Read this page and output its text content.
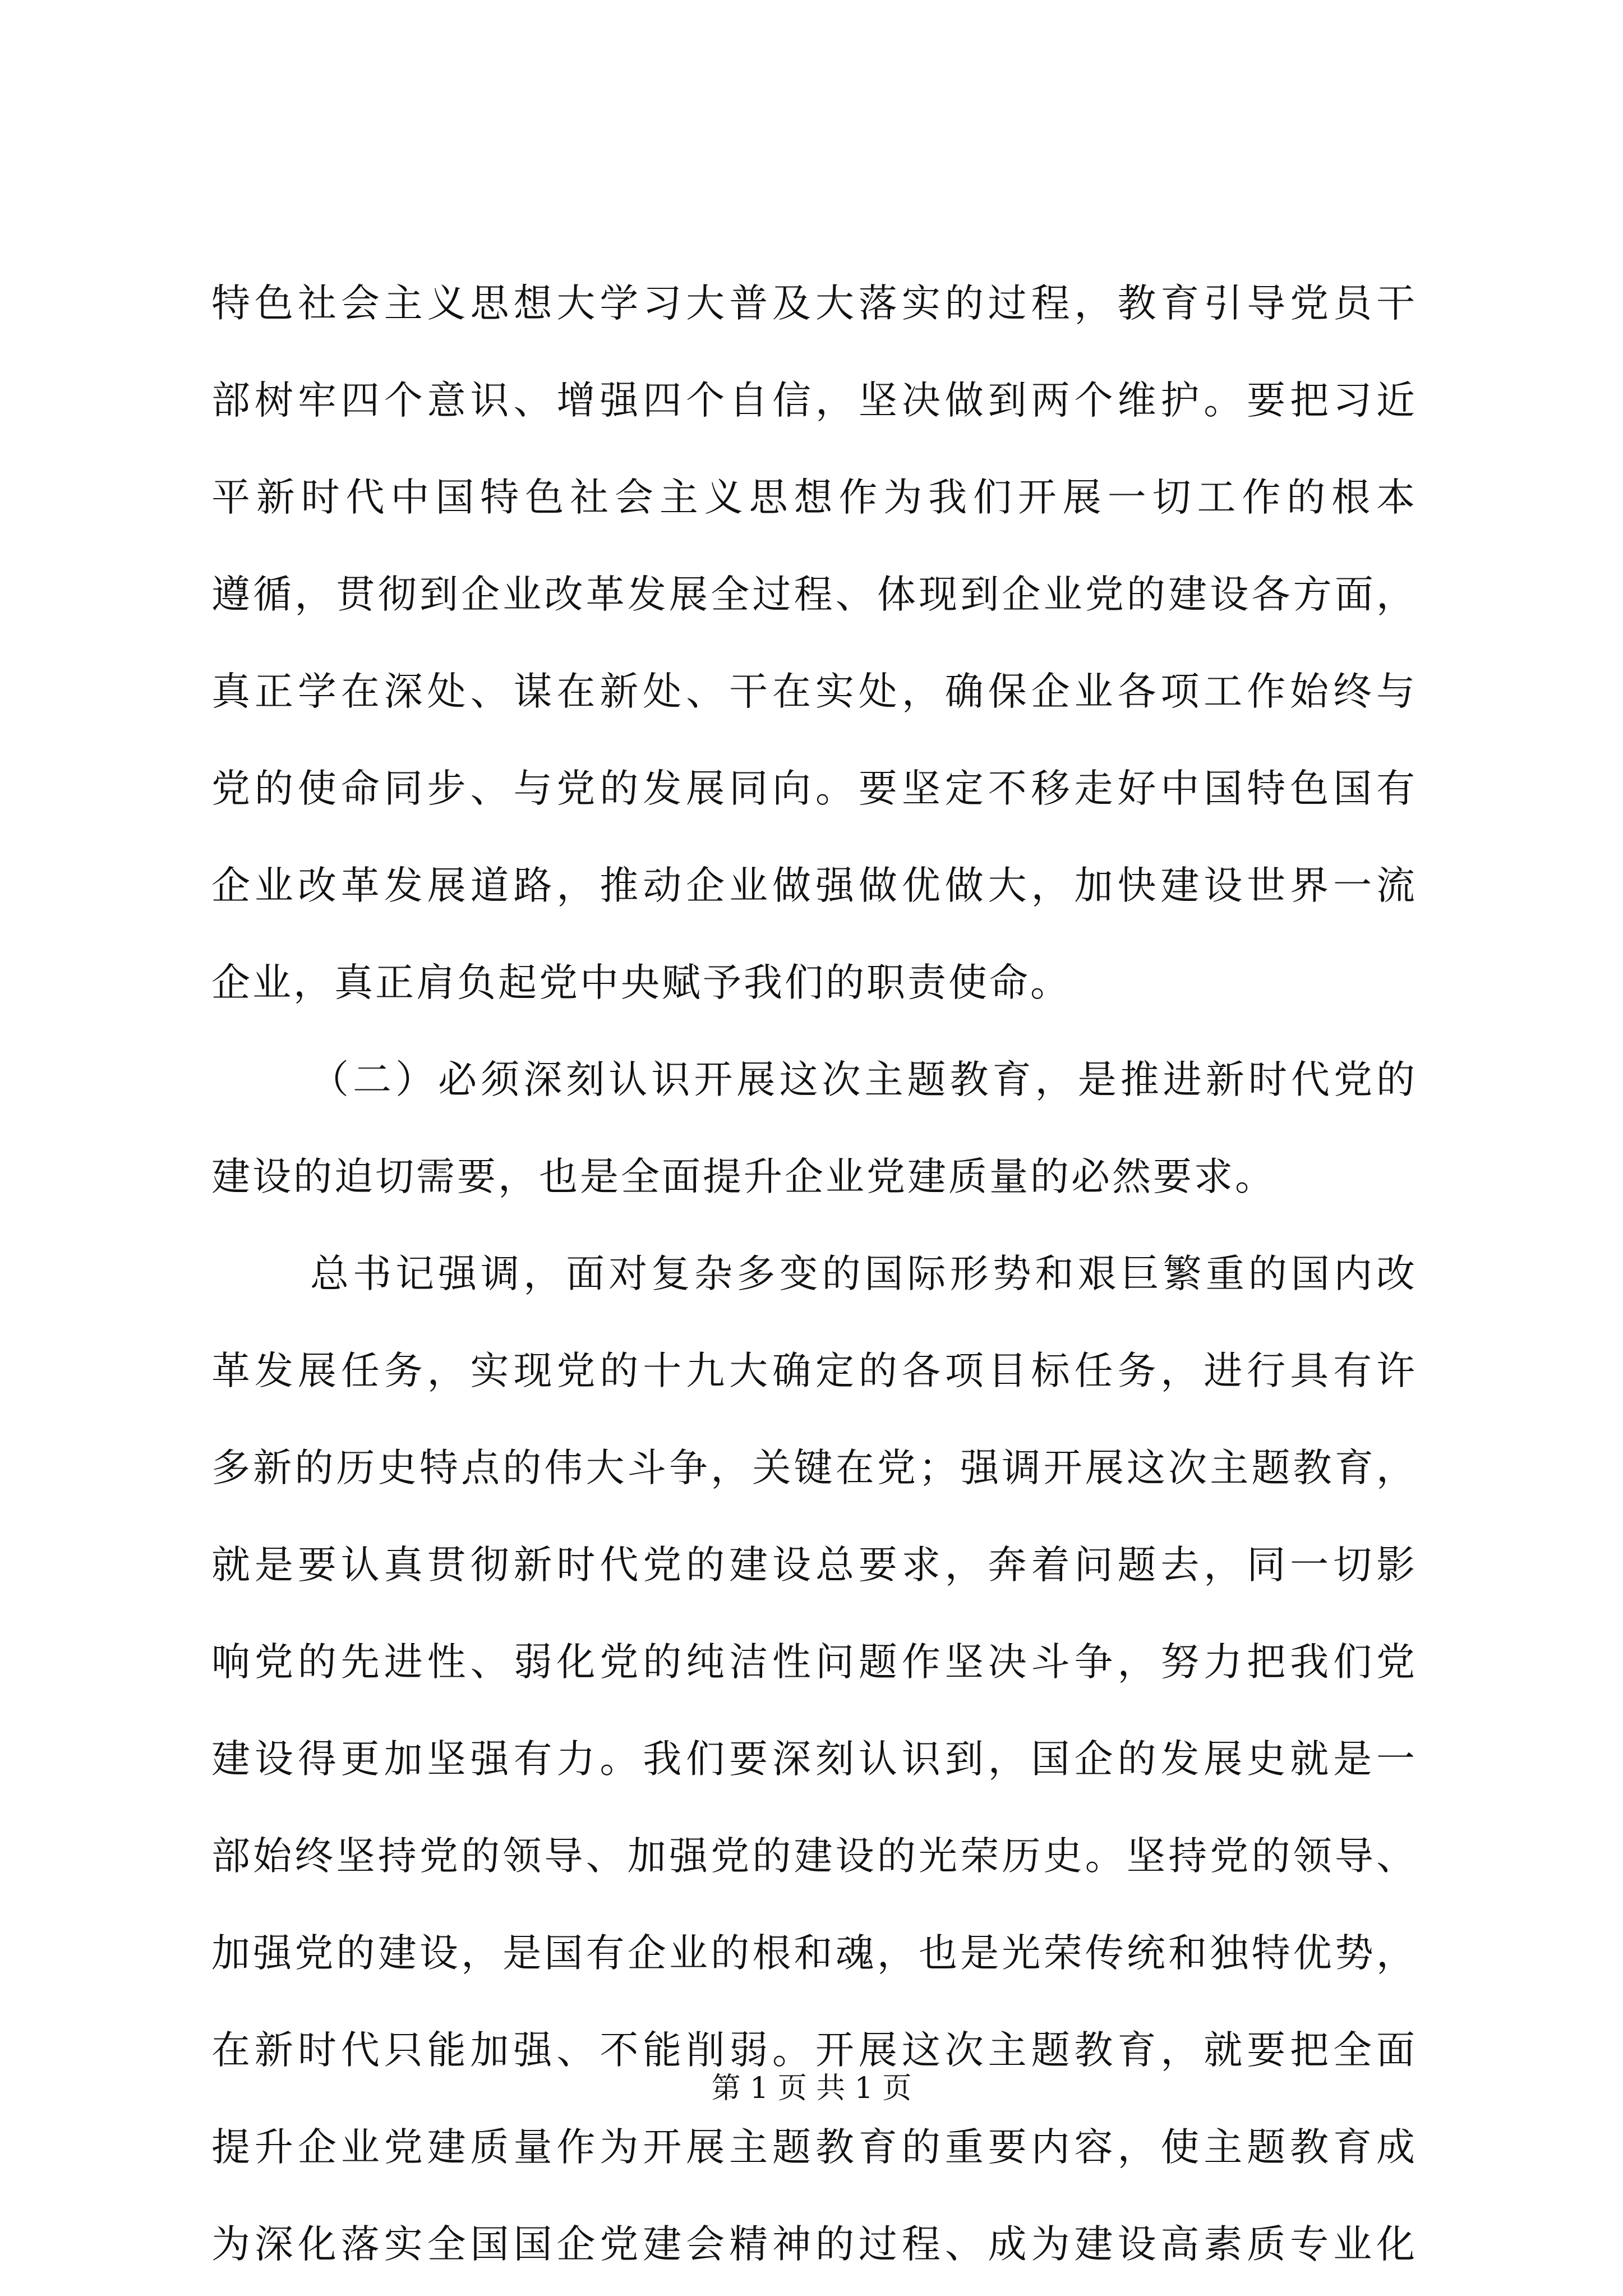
特色社会主义思想大学习大普及大落实的过程，教育引导党员干
部树牢四个意识、增强四个自信，坚决做到两个维护。要把习近
平新时代中国特色社会主义思想作为我们开展一切工作的根本
遵循，贯彻到企业改革发展全过程、体现到企业党的建设各方面，
真正学在深处、谋在新处、干在实处，确保企业各项工作始终与
党的使命同步、与党的发展同向。要坚定不移走好中国特色国有
企业改革发展道路，推动企业做强做优做大，加快建设世界一流
企业，真正肩负起党中央赋予我们的职责使命。
（二）必须深刻认识开展这次主题教育，是推进新时代党的
建设的迫切需要，也是全面提升企业党建质量的必然要求。
总书记强调，面对复杂多变的国际形势和艰巨繁重的国内改
革发展任务，实现党的十九大确定的各项目标任务，进行具有许
多新的历史特点的伟大斗争，关键在党；强调开展这次主题教育，
就是要认真贯彻新时代党的建设总要求，奔着问题去，同一切影
响党的先进性、弱化党的纯洁性问题作坚决斗争，努力把我们党
建设得更加坚强有力。我们要深刻认识到，国企的发展史就是一
部始终坚持党的领导、加强党的建设的光荣历史。坚持党的领导、
加强党的建设，是国有企业的根和魂，也是光荣传统和独特优势，
在新时代只能加强、不能削弱。开展这次主题教育，就要把全面
提升企业党建质量作为开展主题教育的重要内容，使主题教育成
为深化落实全国国企党建会精神的过程、成为建设高素质专业化
第 1 页 共 1 页
